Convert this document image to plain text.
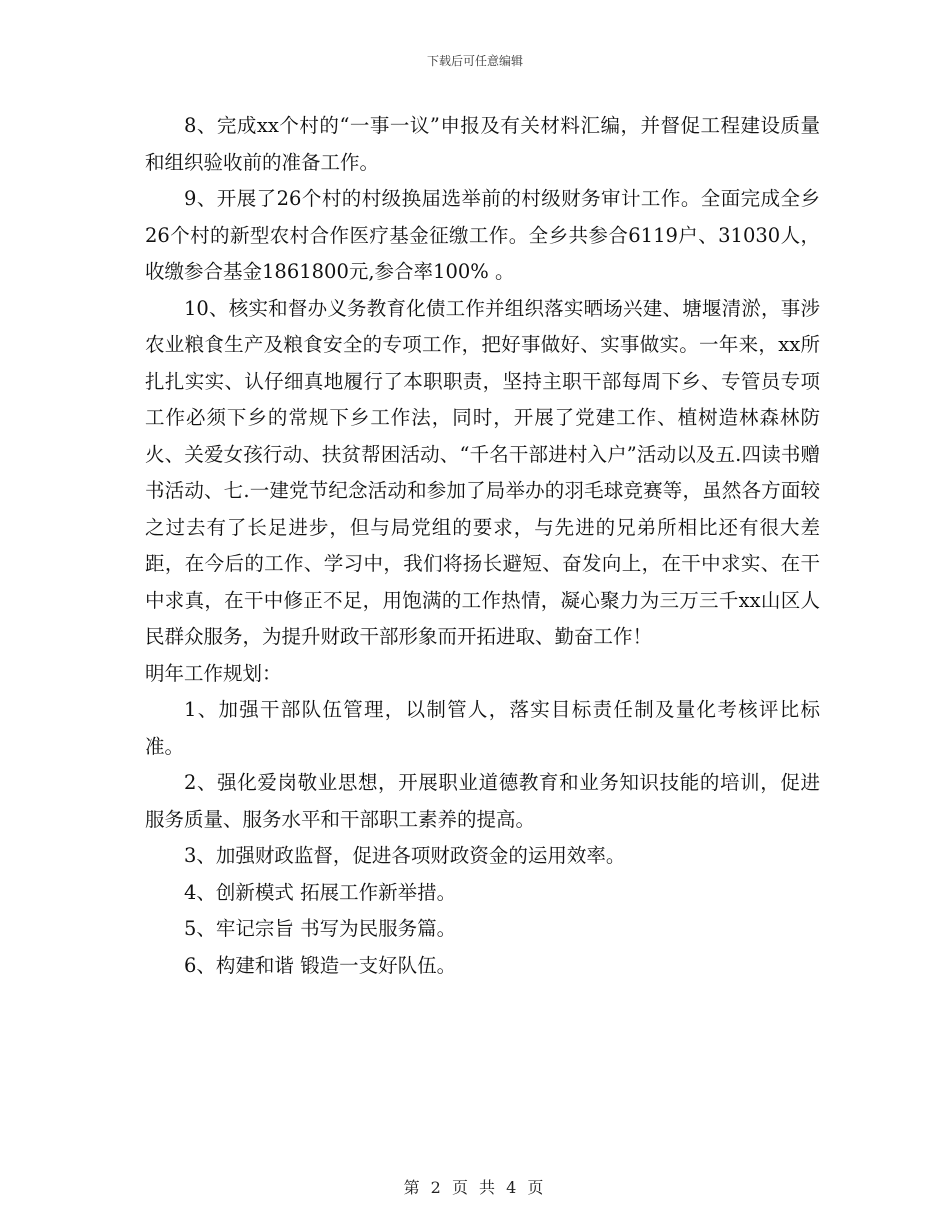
下载后可任意编辑

8、完成xx个村的“一事一议”申报及有关材料汇编，并督促工程建设质量和组织验收前的准备工作。

9、开展了26个村的村级换届选举前的村级财务审计工作。全面完成全乡26个村的新型农村合作医疗基金征缴工作。全乡共参合6119户、31030人，收缴参合基金1861800元,参合率100% 。

10、核实和督办义务教育化债工作并组织落实晒场兴建、塘堰清淤，事涉农业粮食生产及粮食安全的专项工作，把好事做好、实事做实。一年来，xx所扎扎实实、认仔细真地履行了本职职责，坚持主职干部每周下乡、专管员专项工作必须下乡的常规下乡工作法，同时，开展了党建工作、植树造林森林防火、关爱女孩行动、扶贫帮困活动、“千名干部进村入户”活动以及五.四读书赠书活动、七.一建党节纪念活动和参加了局举办的羽毛球竞赛等，虽然各方面较之过去有了长足进步，但与局党组的要求，与先进的兄弟所相比还有很大差距，在今后的工作、学习中，我们将扬长避短、奋发向上，在干中求实、在干中求真，在干中修正不足，用饱满的工作热情，凝心聚力为三万三千xx山区人民群众服务，为提升财政干部形象而开拓进取、勤奋工作！

明年工作规划：

1、加强干部队伍管理，以制管人，落实目标责任制及量化考核评比标准。

2、强化爱岗敬业思想，开展职业道德教育和业务知识技能的培训，促进服务质量、服务水平和干部职工素养的提高。

3、加强财政监督，促进各项财政资金的运用效率。

4、创新模式 拓展工作新举措。

5、牢记宗旨 书写为民服务篇。

6、构建和谐 锻造一支好队伍。

第 2 页 共 4 页
